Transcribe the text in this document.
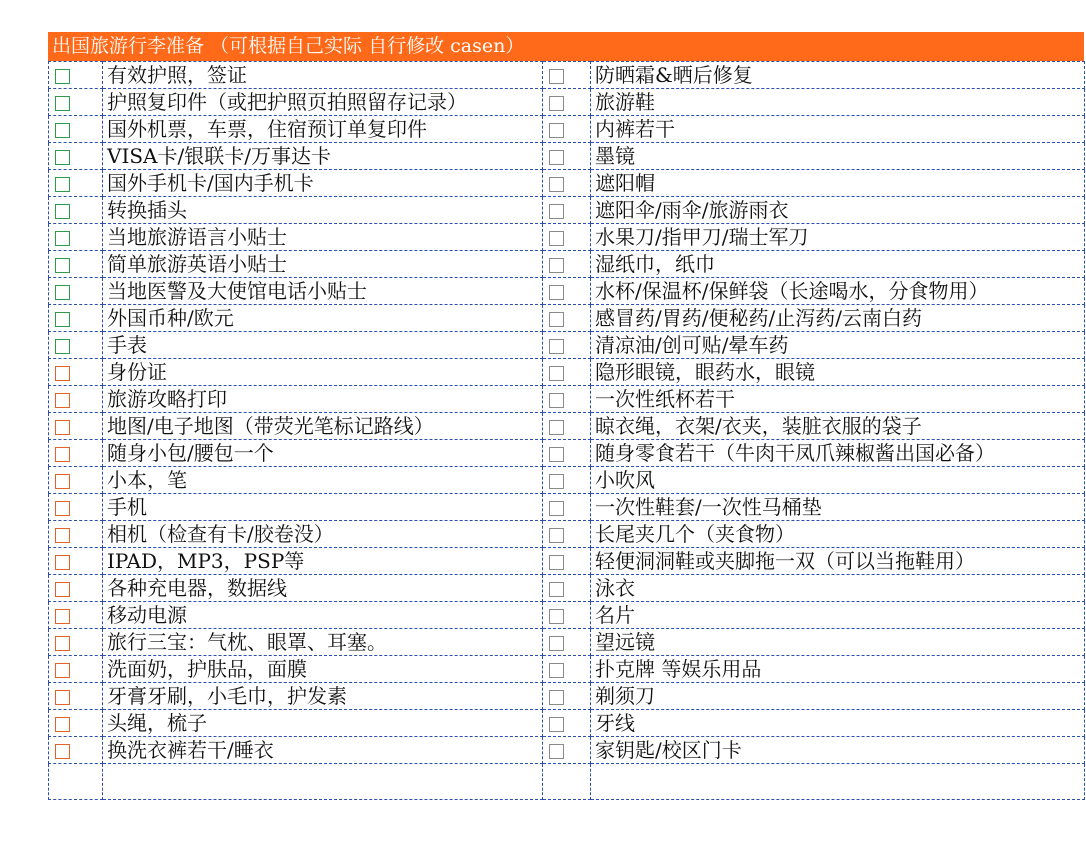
出国旅游行李准备 （可根据自己实际 自行修改 casen）
	有效护照，签证		防晒霜&晒后修复
	护照复印件（或把护照页拍照留存记录）		旅游鞋
	国外机票，车票，住宿预订单复印件		内裤若干
	VISA卡/银联卡/万事达卡		墨镜
	国外手机卡/国内手机卡		遮阳帽
	转换插头		遮阳伞/雨伞/旅游雨衣
	当地旅游语言小贴士		水果刀/指甲刀/瑞士军刀
	简单旅游英语小贴士		湿纸巾，纸巾
	当地医警及大使馆电话小贴士		水杯/保温杯/保鲜袋（长途喝水，分食物用）
	外国币种/欧元		感冒药/胃药/便秘药/止泻药/云南白药
	手表		清凉油/创可贴/晕车药
	身份证		隐形眼镜，眼药水，眼镜
	旅游攻略打印		一次性纸杯若干
	地图/电子地图（带荧光笔标记路线）		晾衣绳，衣架/衣夹，装脏衣服的袋子
	随身小包/腰包一个		随身零食若干（牛肉干凤爪辣椒酱出国必备）
	小本，笔		小吹风
	手机		一次性鞋套/一次性马桶垫
	相机（检查有卡/胶卷没）		长尾夹几个（夹食物）
	IPAD，MP3，PSP等		轻便洞洞鞋或夹脚拖一双（可以当拖鞋用）
	各种充电器，数据线		泳衣
	移动电源		名片
	旅行三宝：气枕、眼罩、耳塞。		望远镜
	洗面奶，护肤品，面膜		扑克牌 等娱乐用品
	牙膏牙刷，小毛巾，护发素		剃须刀
	头绳，梳子		牙线
	换洗衣裤若干/睡衣		家钥匙/校区门卡
